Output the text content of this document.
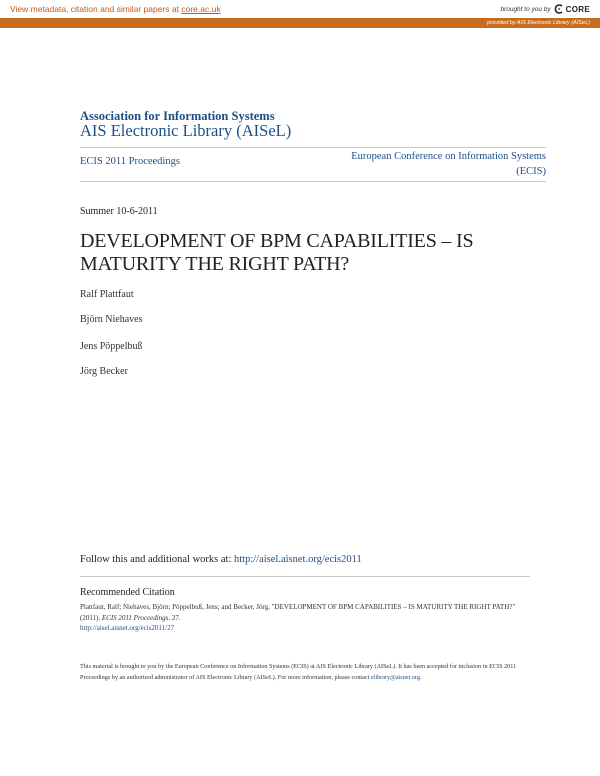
View metadata, citation and similar papers at core.ac.uk	brought to you by CORE
provided by AIS Electronic Library (AISeL)
Association for Information Systems
AIS Electronic Library (AISeL)
ECIS 2011 Proceedings	European Conference on Information Systems
(ECIS)
Summer 10-6-2011
DEVELOPMENT OF BPM CAPABILITIES – IS MATURITY THE RIGHT PATH?
Ralf Plattfaut
Björn Niehaves
Jens Pöppelbuß
Jörg Becker
Follow this and additional works at: http://aisel.aisnet.org/ecis2011
Recommended Citation
Plattfaut, Ralf; Niehaves, Björn; Pöppelbuß, Jens; and Becker, Jörg, "DEVELOPMENT OF BPM CAPABILITIES – IS MATURITY THE RIGHT PATH?" (2011). ECIS 2011 Proceedings. 27.
http://aisel.aisnet.org/ecis2011/27
This material is brought to you by the European Conference on Information Systems (ECIS) at AIS Electronic Library (AISeL). It has been accepted for inclusion in ECIS 2011 Proceedings by an authorized administrator of AIS Electronic Library (AISeL). For more information, please contact elibrary@aisnet.org.
